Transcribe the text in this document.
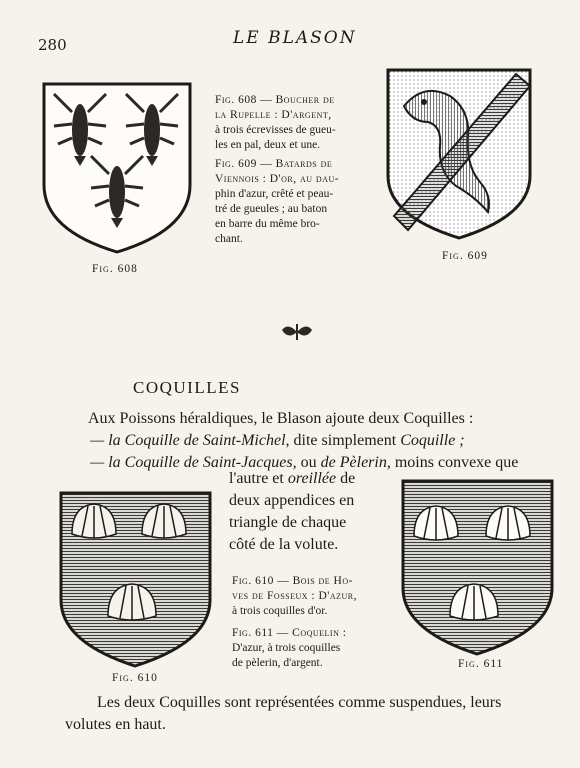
280	LE BLASON
Fig. 608
Fig. 608 — Boucher de
la Rupelle : D'argent,
à trois écrevisses de gueu-
les en pal, deux et une.
Fig. 609 — Batards de
Viennois : D'or, au dau-
phin d'azur, crêté et peau-
tré de gueules ; au baton
en barre du même bro-
chant.
Fig. 609
COQUILLES
Aux Poissons héraldiques, le Blason ajoute deux Coquilles :
— la Coquille de Saint-Michel, dite simplement Coquille ;
— la Coquille de Saint-Jacques, ou de Pèlerin, moins convexe que
l'autre et oreillée de
deux appendices en
triangle de chaque
côté de la volute.
Fig. 610
Fig. 610 — Bois de Ho-
ves de Fosseux : D'azur,
à trois coquilles d'or.
Fig. 611 — Coquelin :
D'azur, à trois coquilles
de pèlerin, d'argent.	Fig. 611
Les deux Coquilles sont représentées comme suspendues, leurs
volutes en haut.
